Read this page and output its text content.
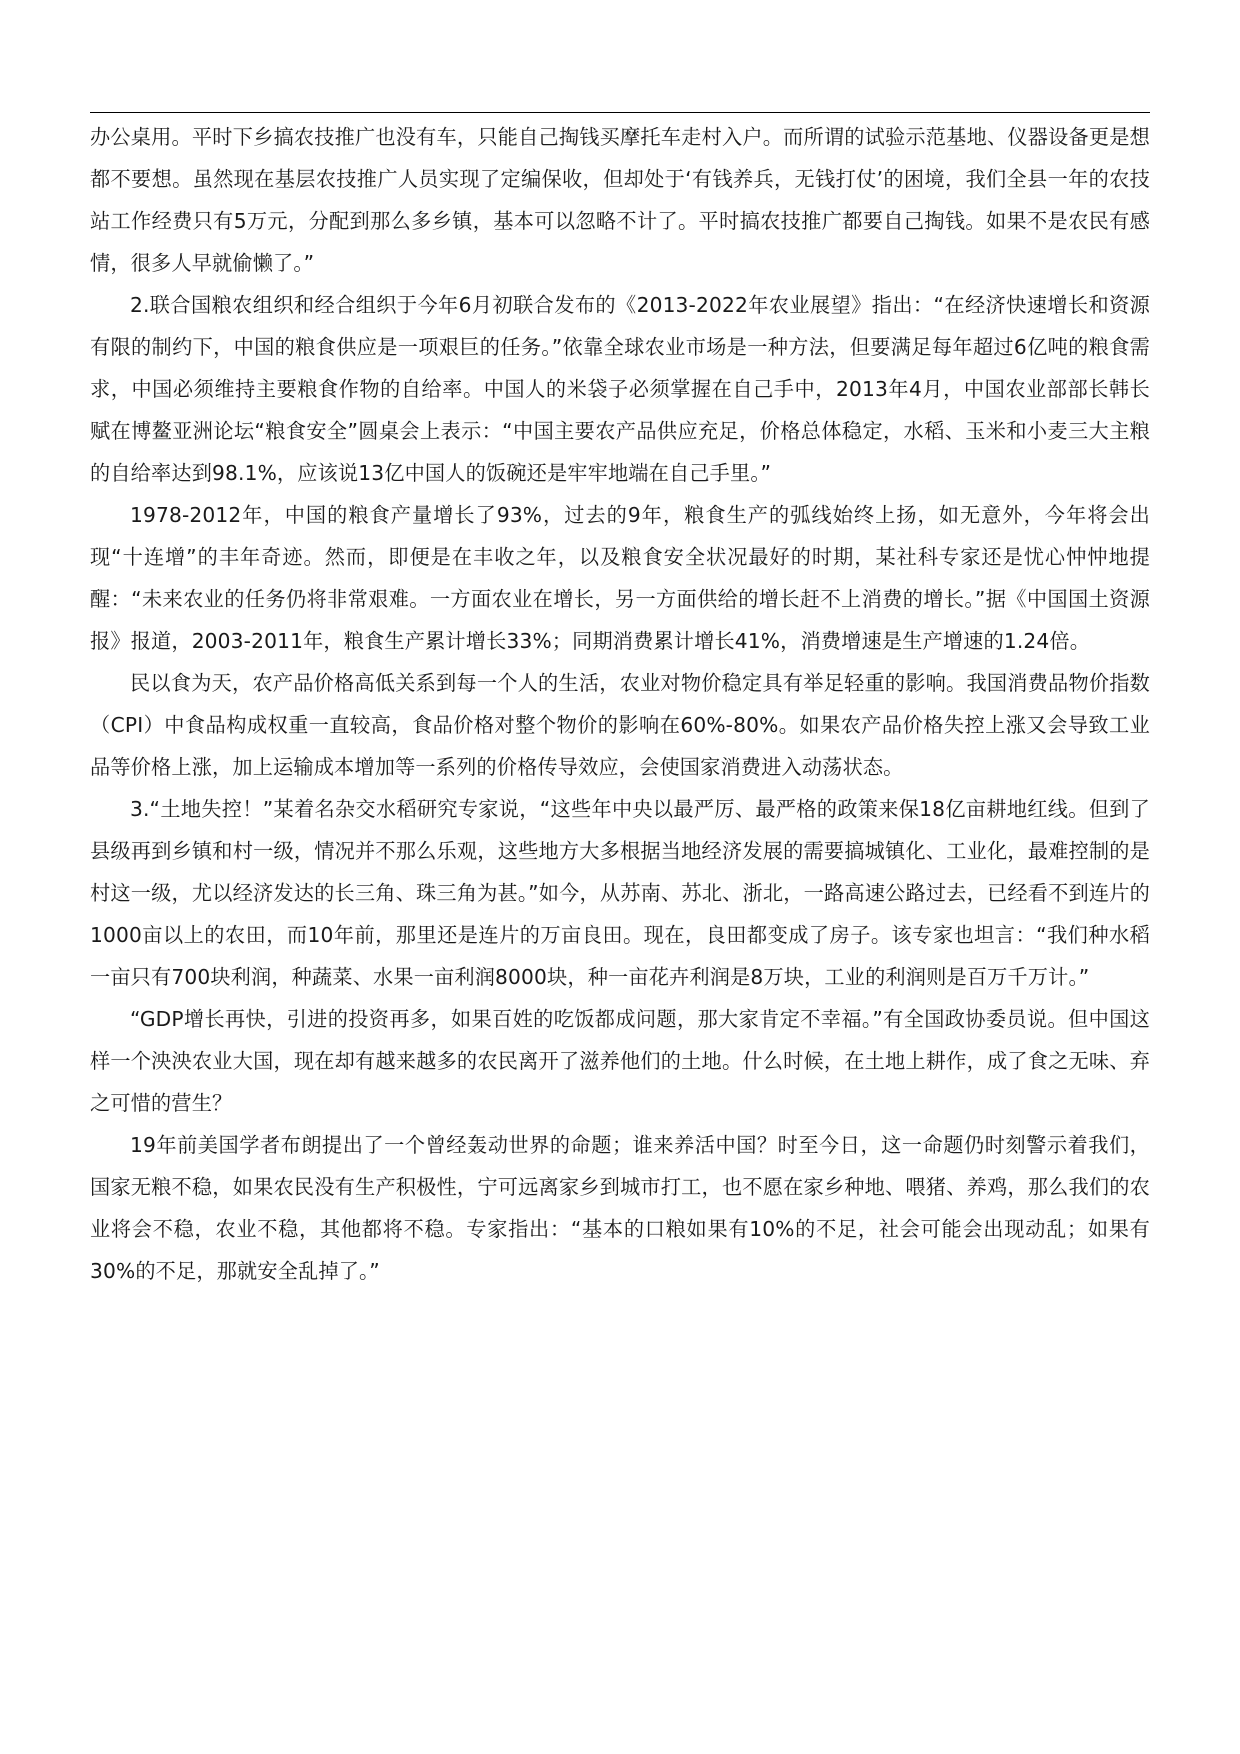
办公桌用。平时下乡搞农技推广也没有车，只能自己掏钱买摩托车走村入户。而所谓的试验示范基地、仪器设备更是想都不要想。虽然现在基层农技推广人员实现了定编保收，但却处于‘有钱养兵，无钱打仗’的困境，我们全县一年的农技站工作经费只有5万元，分配到那么多乡镇，基本可以忽略不计了。平时搞农技推广都要自己掏钱。如果不是农民有感情，很多人早就偷懒了。”

2.联合国粮农组织和经合组织于今年6月初联合发布的《2013-2022年农业展望》指出：“在经济快速增长和资源有限的制约下，中国的粮食供应是一项艰巨的任务。”依靠全球农业市场是一种方法，但要满足每年超过6亿吨的粮食需求，中国必须维持主要粮食作物的自给率。中国人的米袋子必须掌握在自己手中，2013年4月，中国农业部部长韩长赋在博鳌亚洲论坛“粮食安全”圆桌会上表示：“中国主要农产品供应充足，价格总体稳定，水稻、玉米和小麦三大主粮的自给率达到98.1%，应该说13亿中国人的饭碗还是牢牢地端在自己手里。”

1978-2012年，中国的粮食产量增长了93%，过去的9年，粮食生产的弧线始终上扬，如无意外，今年将会出现“十连增”的丰年奇迹。然而，即便是在丰收之年，以及粮食安全状况最好的时期，某社科专家还是忧心忡忡地提醒：“未来农业的任务仍将非常艰难。一方面农业在增长，另一方面供给的增长赶不上消费的增长。”据《中国国土资源报》报道，2003-2011年，粮食生产累计增长33%；同期消费累计增长41%，消费增速是生产增速的1.24倍。

民以食为天，农产品价格高低关系到每一个人的生活，农业对物价稳定具有举足轻重的影响。我国消费品物价指数（CPI）中食品构成权重一直较高，食品价格对整个物价的影响在60%-80%。如果农产品价格失控上涨又会导致工业品等价格上涨，加上运输成本增加等一系列的价格传导效应，会使国家消费进入动荡状态。

3.“土地失控！”某着名杂交水稻研究专家说，“这些年中央以最严厉、最严格的政策来保18亿亩耕地红线。但到了县级再到乡镇和村一级，情况并不那么乐观，这些地方大多根据当地经济发展的需要搞城镇化、工业化，最难控制的是村这一级，尤以经济发达的长三角、珠三角为甚。”如今，从苏南、苏北、浙北，一路高速公路过去，已经看不到连片的1000亩以上的农田，而10年前，那里还是连片的万亩良田。现在，良田都变成了房子。该专家也坦言：“我们种水稻一亩只有700块利润，种蔬菜、水果一亩利润8000块，种一亩花卉利润是8万块，工业的利润则是百万千万计。”

“GDP增长再快，引进的投资再多，如果百姓的吃饭都成问题，那大家肯定不幸福。”有全国政协委员说。但中国这样一个泱泱农业大国，现在却有越来越多的农民离开了滋养他们的土地。什么时候，在土地上耕作，成了食之无味、弃之可惜的营生？

19年前美国学者布朗提出了一个曾经轰动世界的命题；谁来养活中国？时至今日，这一命题仍时刻警示着我们，国家无粮不稳，如果农民没有生产积极性，宁可远离家乡到城市打工，也不愿在家乡种地、喂猪、养鸡，那么我们的农业将会不稳，农业不稳，其他都将不稳。专家指出：“基本的口粮如果有10%的不足，社会可能会出现动乱；如果有30%的不足，那就安全乱掉了。”
